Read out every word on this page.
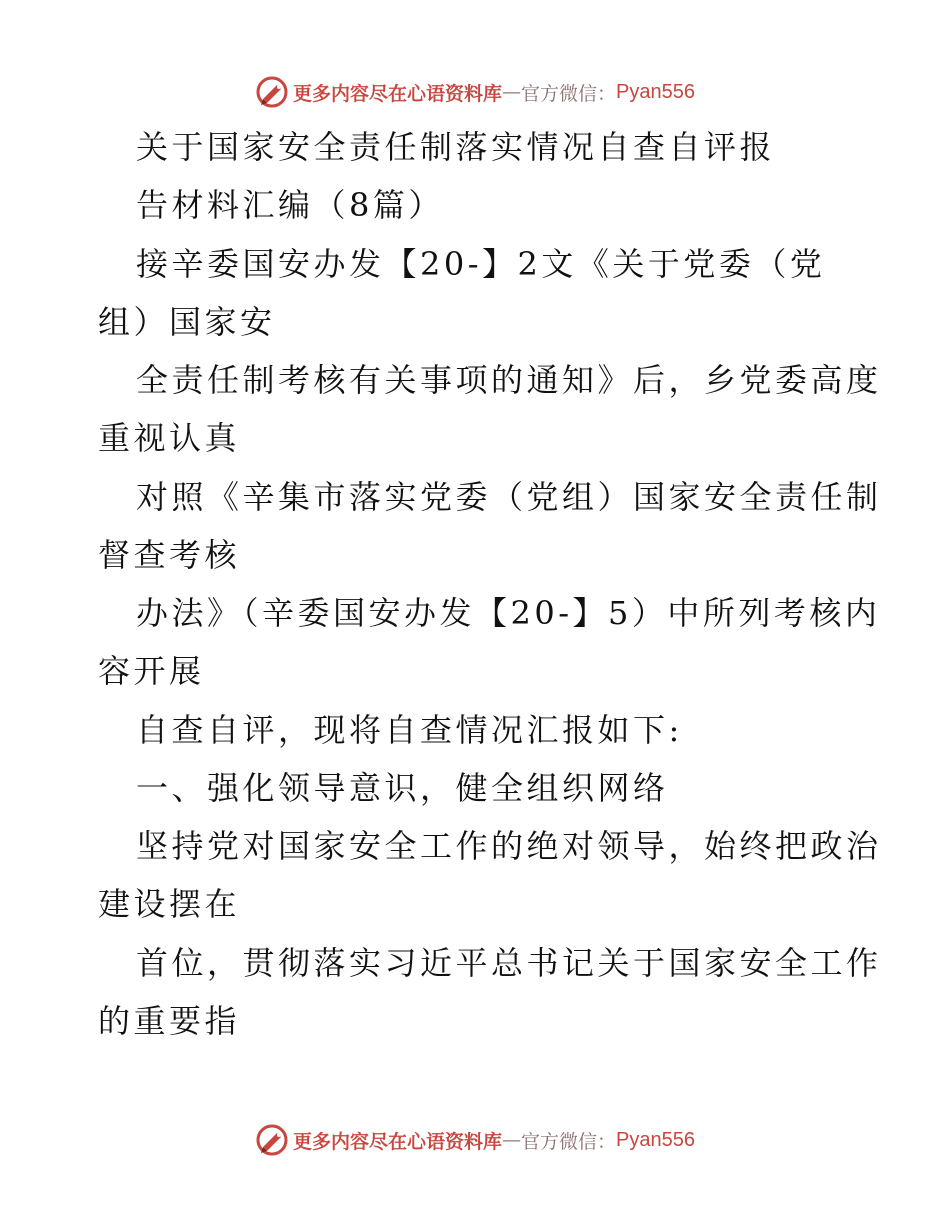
更多内容尽在心语资料库 — 官方微信： Pyan556
关于国家安全责任制落实情况自查自评报
告材料汇编（8篇）
接辛委国安办发【20-】2文《关于党委（党
组）国家安
全责任制考核有关事项的通知》后，乡党委高度
重视认真
对照《辛集市落实党委（党组）国家安全责任制
督查考核
办法》（辛委国安办发【20-】5）中所列考核内
容开展
自查自评，现将自查情况汇报如下:
一、强化领导意识，健全组织网络
坚持党对国家安全工作的绝对领导，始终把政治
建设摆在
首位，贯彻落实习近平总书记关于国家安全工作
的重要指
更多内容尽在心语资料库 — 官方微信： Pyan556
